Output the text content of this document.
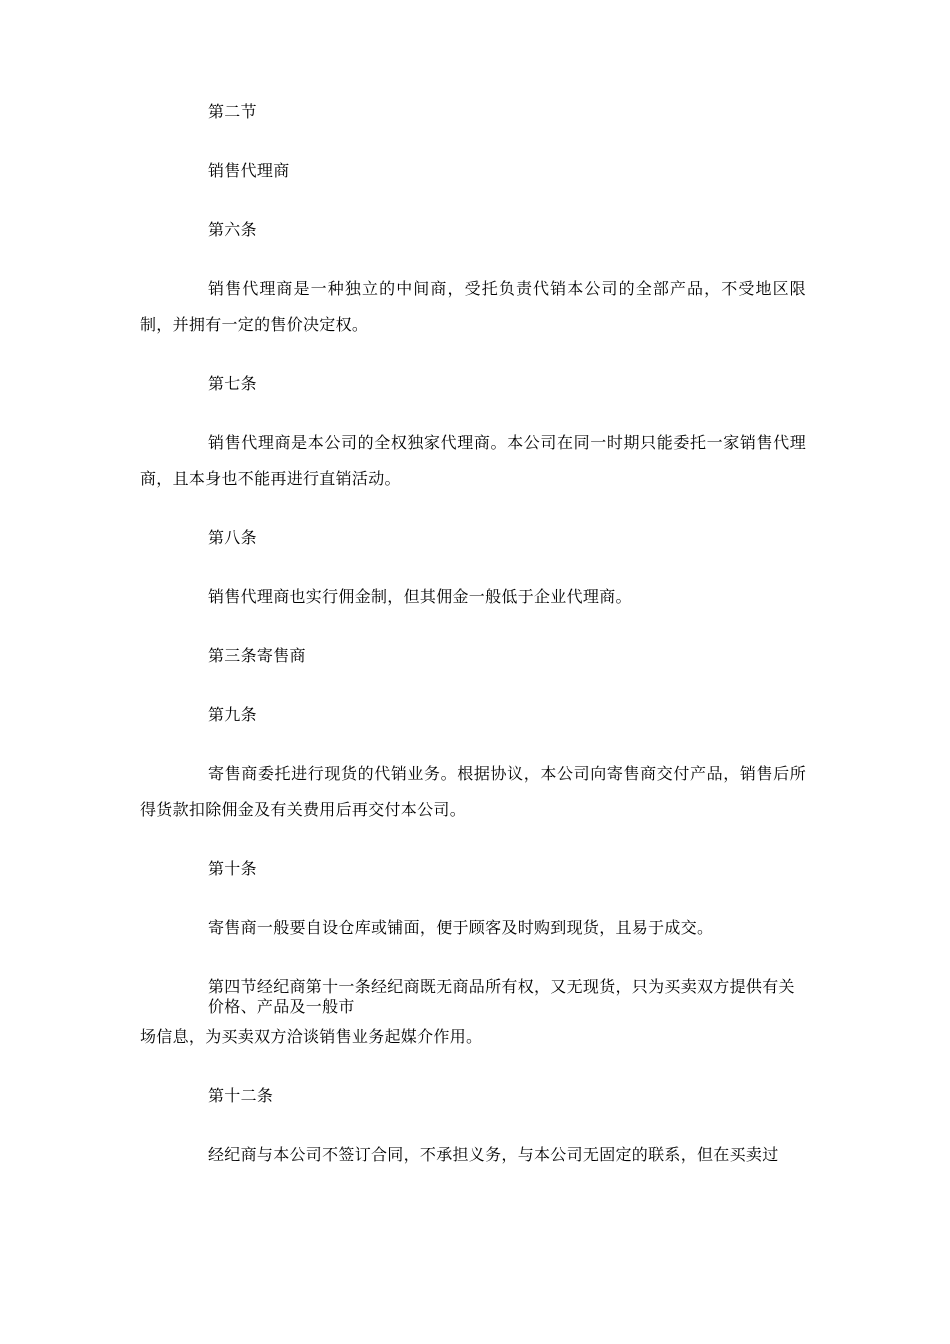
第二节

销售代理商

第六条

销售代理商是一种独立的中间商，受托负责代销本公司的全部产品，不受地区限制，并拥有一定的售价决定权。

第七条

销售代理商是本公司的全权独家代理商。本公司在同一时期只能委托一家销售代理商，且本身也不能再进行直销活动。

第八条

销售代理商也实行佣金制，但其佣金一般低于企业代理商。

第三条寄售商

第九条

寄售商委托进行现货的代销业务。根据协议，本公司向寄售商交付产品，销售后所得货款扣除佣金及有关费用后再交付本公司。

第十条

寄售商一般要自设仓库或铺面，便于顾客及时购到现货，且易于成交。

第四节经纪商第十一条经纪商既无商品所有权，又无现货，只为买卖双方提供有关价格、产品及一般市

场信息，为买卖双方洽谈销售业务起媒介作用。

第十二条

经纪商与本公司不签订合同，不承担义务，与本公司无固定的联系，但在买卖过
